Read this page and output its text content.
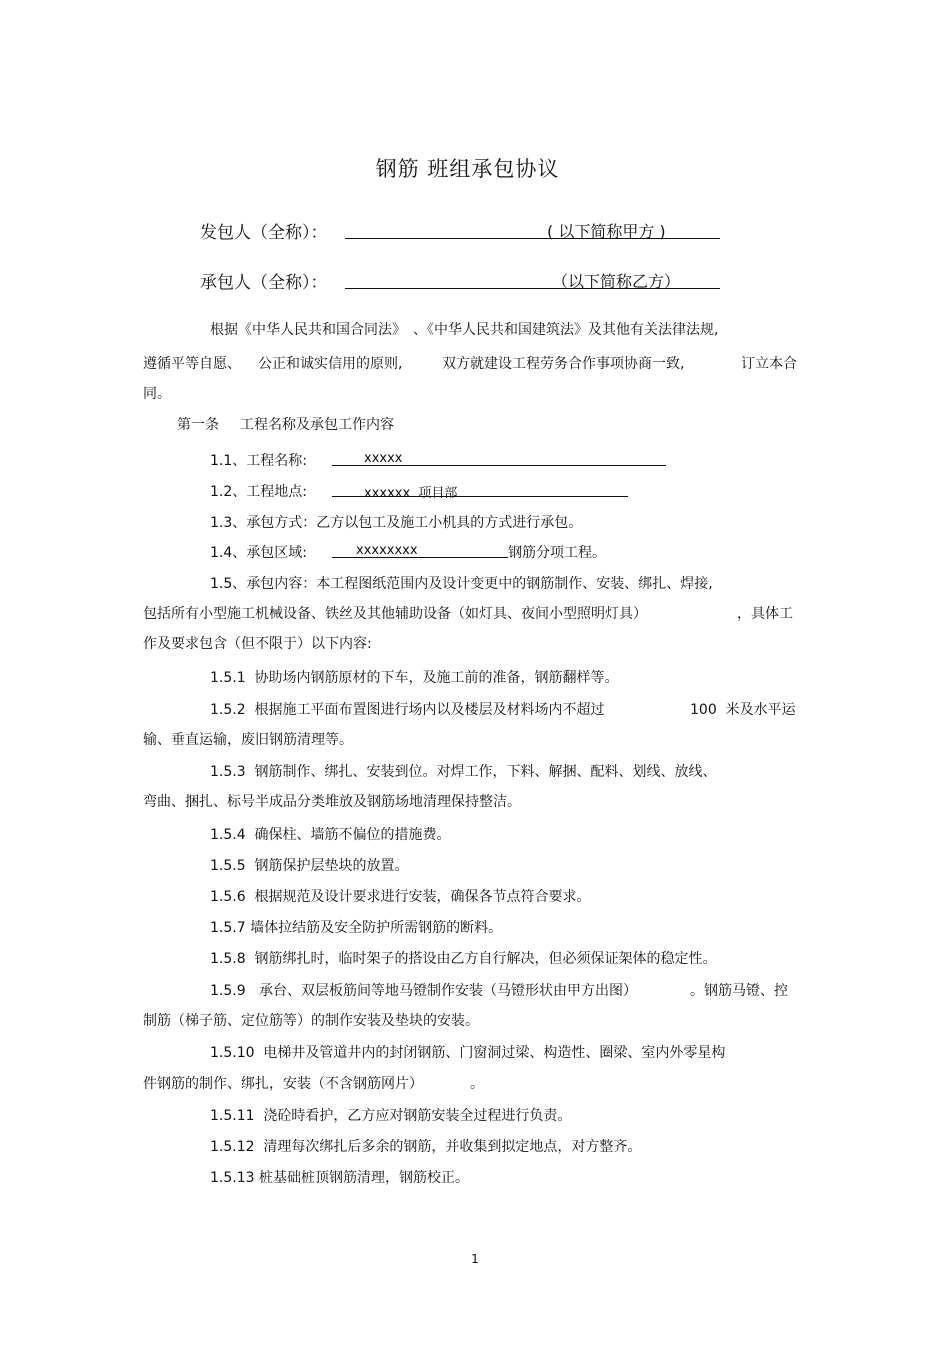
钢筋 班组承包协议
发包人（全称）：	( 以下简称甲方 )
承包人（全称）：	（以下简称乙方）
根据《中华人民共和国合同法》　、《中华人民共和国建筑法》及其他有关法律法规,
遵循平等自愿、 公正和诚实信用的原则,	双方就建设工程劳务合作事项协商一致,	订立本合
同。
第一条 工程名称及承包工作内容
1.1、工程名称:	xxxxx
1.2、工程地点:	xxxxxx  项目部
1.3、承包方式：乙方以包工及施工小机具的方式进行承包。
1.4、承包区域:	xxxxxxxx	钢筋分项工程。
1.5、承包内容：本工程图纸范围内及设计变更中的钢筋制作、安装、绑扎、焊接,
包括所有小型施工机械设备、铁丝及其他辅助设备（如灯具、夜间小型照明灯具）	，具体工
作及要求包含（但不限于）以下内容:
1.5.1  协助场内钢筋原材的下车，及施工前的准备，钢筋翻样等。
1.5.2  根据施工平面布置图进行场内以及楼层及材料场内不超过	100  米及水平运
输、垂直运输，废旧钢筋清理等。
1.5.3  钢筋制作、绑扎、安装到位。对焊工作，下料、解捆、配料、划线、放线、
弯曲、捆扎、标号半成品分类堆放及钢筋场地清理保持整洁。
1.5.4  确保柱、墙筋不偏位的措施费。
1.5.5  钢筋保护层垫块的放置。
1.5.6  根据规范及设计要求进行安装，确保各节点符合要求。
1.5.7 墙体拉结筋及安全防护所需钢筋的断料。
1.5.8  钢筋绑扎时，临时架子的搭设由乙方自行解决，但必须保证架体的稳定性。
1.5.9   承台、双层板筋间等地马镫制作安装（马镫形状由甲方出图）	。钢筋马镫、控
制筋（梯子筋、定位筋等）的制作安装及垫块的安装。
1.5.10  电梯井及管道井内的封闭钢筋、门窗洞过梁、构造性、圈梁、室内外零星构
件钢筋的制作、绑扎，安装（不含钢筋网片）	。
1.5.11  浇砼時看护，乙方应对钢筋安装全过程进行负责。
1.5.12  清理每次绑扎后多余的钢筋，并收集到拟定地点，对方整齐。
1.5.13 桩基础桩顶钢筋清理，钢筋校正。
1
